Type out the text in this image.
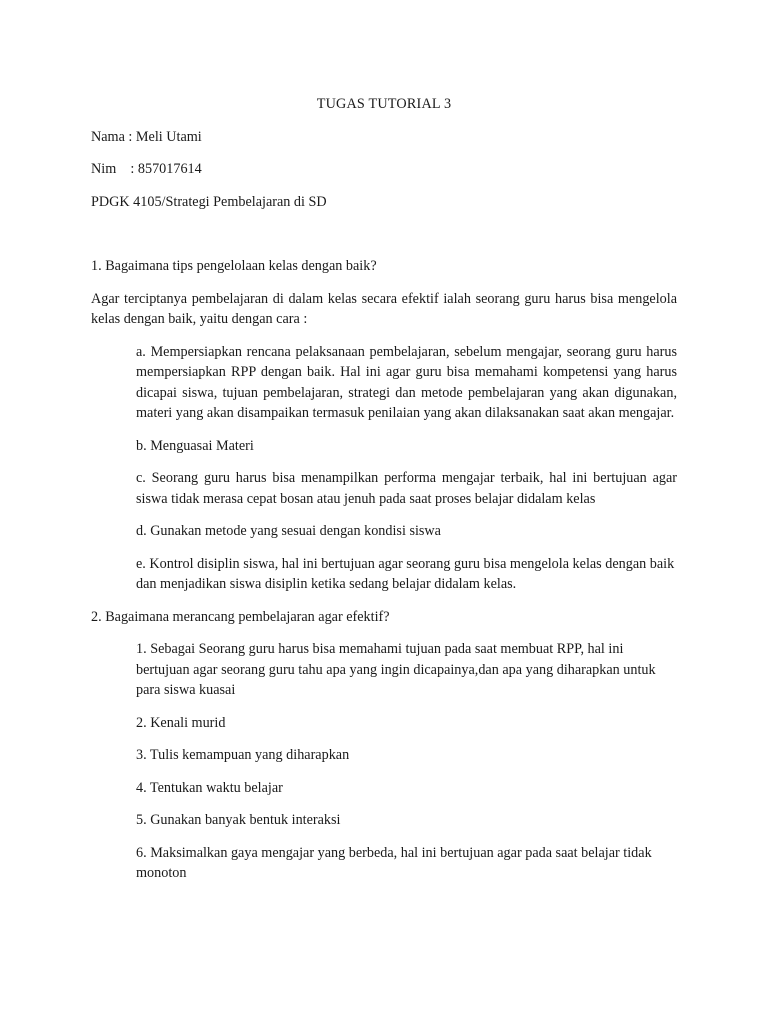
TUGAS TUTORIAL 3
Nama : Meli Utami
Nim    : 857017614
PDGK 4105/Strategi Pembelajaran di SD
1. Bagaimana tips pengelolaan kelas dengan baik?
Agar terciptanya pembelajaran di dalam kelas secara efektif ialah seorang guru harus bisa mengelola kelas dengan baik, yaitu dengan cara :
a. Mempersiapkan rencana pelaksanaan pembelajaran, sebelum mengajar, seorang guru harus mempersiapkan RPP dengan baik. Hal ini agar guru bisa memahami kompetensi yang harus dicapai siswa, tujuan pembelajaran, strategi dan metode pembelajaran yang akan digunakan, materi yang akan disampaikan termasuk penilaian yang akan dilaksanakan saat akan mengajar.
b. Menguasai Materi
c. Seorang guru harus bisa menampilkan performa mengajar terbaik, hal ini bertujuan agar siswa tidak merasa cepat bosan atau jenuh pada saat proses belajar didalam kelas
d. Gunakan metode yang sesuai dengan kondisi siswa
e. Kontrol disiplin siswa, hal ini bertujuan agar seorang guru bisa mengelola kelas dengan baik dan menjadikan siswa disiplin ketika sedang belajar didalam kelas.
2. Bagaimana merancang pembelajaran agar efektif?
1. Sebagai Seorang guru harus bisa memahami tujuan pada saat membuat RPP, hal ini bertujuan agar seorang guru tahu apa yang ingin dicapainya,dan apa yang diharapkan untuk para siswa kuasai
2. Kenali murid
3. Tulis kemampuan yang diharapkan
4. Tentukan waktu belajar
5. Gunakan banyak bentuk interaksi
6. Maksimalkan gaya mengajar yang berbeda, hal ini bertujuan agar pada saat belajar tidak monoton
